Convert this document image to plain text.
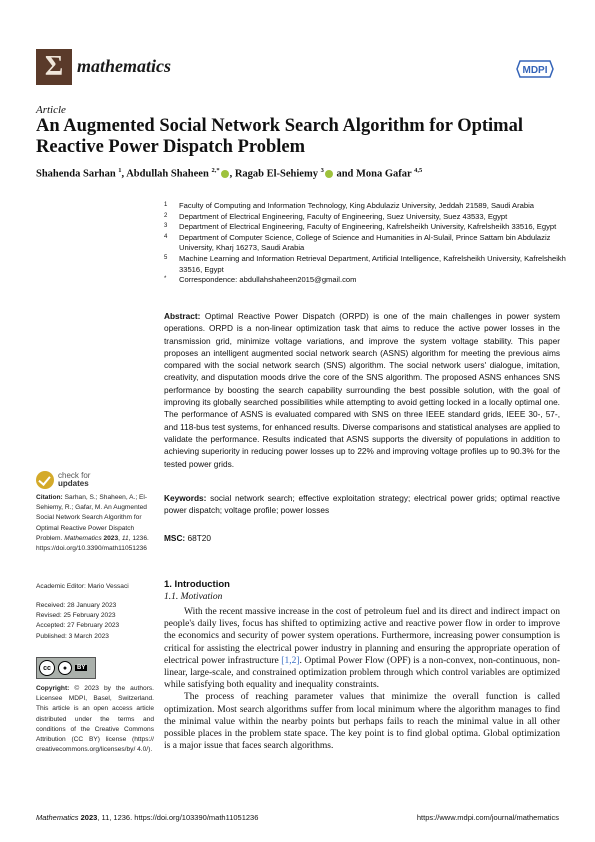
Σ mathematics	MDPI
Article
An Augmented Social Network Search Algorithm for Optimal Reactive Power Dispatch Problem
Shahenda Sarhan $^1$, Abdullah Shaheen $^{2,*}$ , Ragab El-Sehiemy $^3$ and Mona Gafar $^{4,5}$
1 Faculty of Computing and Information Technology, King Abdulaziz University, Jeddah 21589, Saudi Arabia
2 Department of Electrical Engineering, Faculty of Engineering, Suez University, Suez 43533, Egypt
3 Department of Electrical Engineering, Faculty of Engineering, Kafrelsheikh University, Kafrelsheikh 33516, Egypt
4 Department of Computer Science, College of Science and Humanities in Al-Sulail, Prince Sattam bin Abdulaziz University, Kharj 16273, Saudi Arabia
5 Machine Learning and Information Retrieval Department, Artificial Intelligence, Kafrelsheikh University, Kafrelsheikh 33516, Egypt
* Correspondence: abdullahshaheen2015@gmail.com
Abstract: Optimal Reactive Power Dispatch (ORPD) is one of the main challenges in power system operations. ORPD is a non-linear optimization task that aims to reduce the active power losses in the transmission grid, minimize voltage variations, and improve the system voltage stability. This paper proposes an intelligent augmented social network search (ASNS) algorithm for meeting the previous aims compared with the social network search (SNS) algorithm. The social network users' dialogue, imitation, creativity, and disputation moods drive the core of the SNS algorithm. The proposed ASNS enhances SNS performance by boosting the search capability surrounding the best possible solution, with the goal of improving its globally searched possibilities while attempting to avoid getting locked in a locally optimal one. The performance of ASNS is evaluated compared with SNS on three IEEE standard grids, IEEE 30-, 57-, and 118-bus test systems, for enhanced results. Diverse comparisons and statistical analyses are applied to validate the performance. Results indicated that ASNS supports the diversity of populations in addition to achieving superiority in reducing power losses up to 22% and improving voltage profiles up to 90.3% for the tested power grids.
Keywords: social network search; effective exploitation strategy; electrical power grids; optimal reactive power dispatch; voltage profile; power losses
MSC: 68T20
check for
updates
Citation: Sarhan, S.; Shaheen, A.; El-Sehiemy, R.; Gafar, M. An Augmented Social Network Search Algorithm for Optimal Reactive Power Dispatch Problem. Mathematics 2023, 11, 1236. https://doi.org/10.3390/math11051236
Academic Editor: Mario Vessaci
Received: 28 January 2023
Revised: 25 February 2023
Accepted: 27 February 2023
Published: 3 March 2023
cc	●	BY
Copyright: © 2023 by the authors. Licensee MDPI, Basel, Switzerland. This article is an open access article distributed under the terms and conditions of the Creative Commons Attribution (CC BY) license (https:// creativecommons.org/licenses/by/ 4.0/).
1. Introduction
1.1. Motivation

With the recent massive increase in the cost of petroleum fuel and its direct and indirect impact on people's daily lives, focus has shifted to optimizing active and reactive power flow in order to improve the economics and security of power system operations. Furthermore, increasing power consumption is critical for assisting the electrical power industry in planning and ensuring the appropriate operation of electrical power infrastructure [1,2]. Optimal Power Flow (OPF) is a non-convex, non-continuous, non-linear, large-scale, and constrained optimization problem through which control variables are optimized while satisfying both equality and inequality constraints.

The process of reaching parameter values that minimize the overall function is called optimization. Most search algorithms suffer from local minimum where the algorithm manages to find the minimal value within the nearby points but perhaps fails to reach the minimal value in all other possible places in the problem state space. The key point is to find global optima. Global optimization is a major issue that faces search algorithms.

Mathematics 2023, 11, 1236. https://doi.org/103390/math11051236	https://www.mdpi.com/journal/mathematics
